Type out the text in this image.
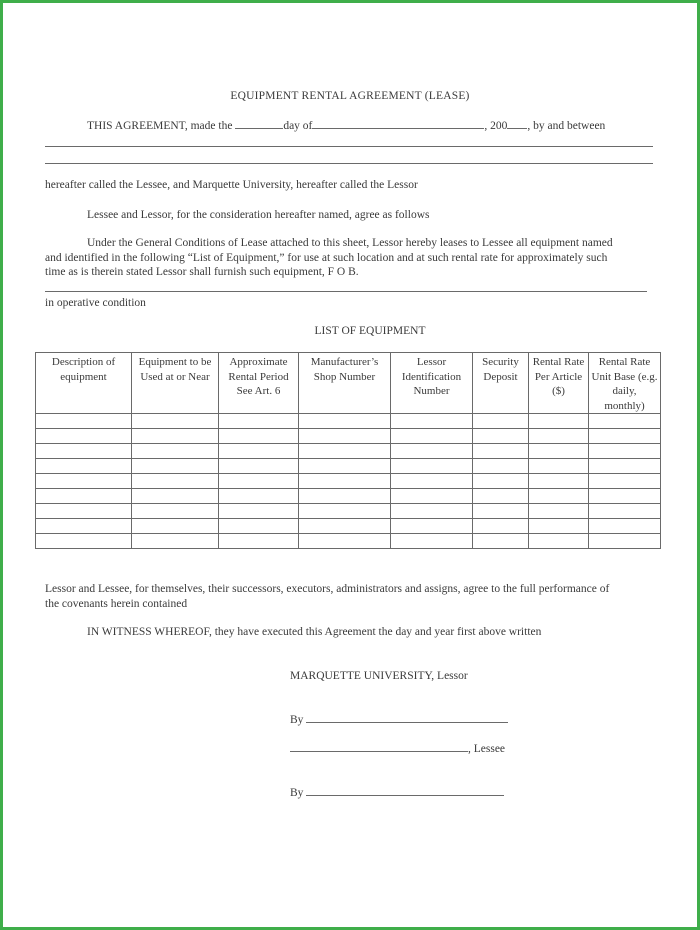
EQUIPMENT RENTAL AGREEMENT (LEASE)
THIS AGREEMENT, made the	day of	, 200 , by and between
hereafter called the Lessee, and Marquette University, hereafter called the Lessor
Lessee and Lessor, for the consideration hereafter named, agree as follows
Under the General Conditions of Lease attached to this sheet, Lessor hereby leases to Lessee all equipment named
and identified in the following “List of Equipment,” for use at such location and at such rental rate for approximately such
time as is therein stated Lessor shall furnish such equipment, F O B.
in operative condition
LIST OF EQUIPMENT
Description of equipment	Equipment to be Used at or Near	Approximate Rental Period See Art. 6	Manufacturer’s Shop Number	Lessor Identification Number	Security Deposit	Rental Rate Per Article ($)	Rental Rate Unit Base (e.g. daily, monthly)

Lessor and Lessee, for themselves, their successors, executors, administrators and assigns, agree to the full performance of
the covenants herein contained
IN WITNESS WHEREOF, they have executed this Agreement the day and year first above written
MARQUETTE UNIVERSITY, Lessor
By
, Lessee
By
